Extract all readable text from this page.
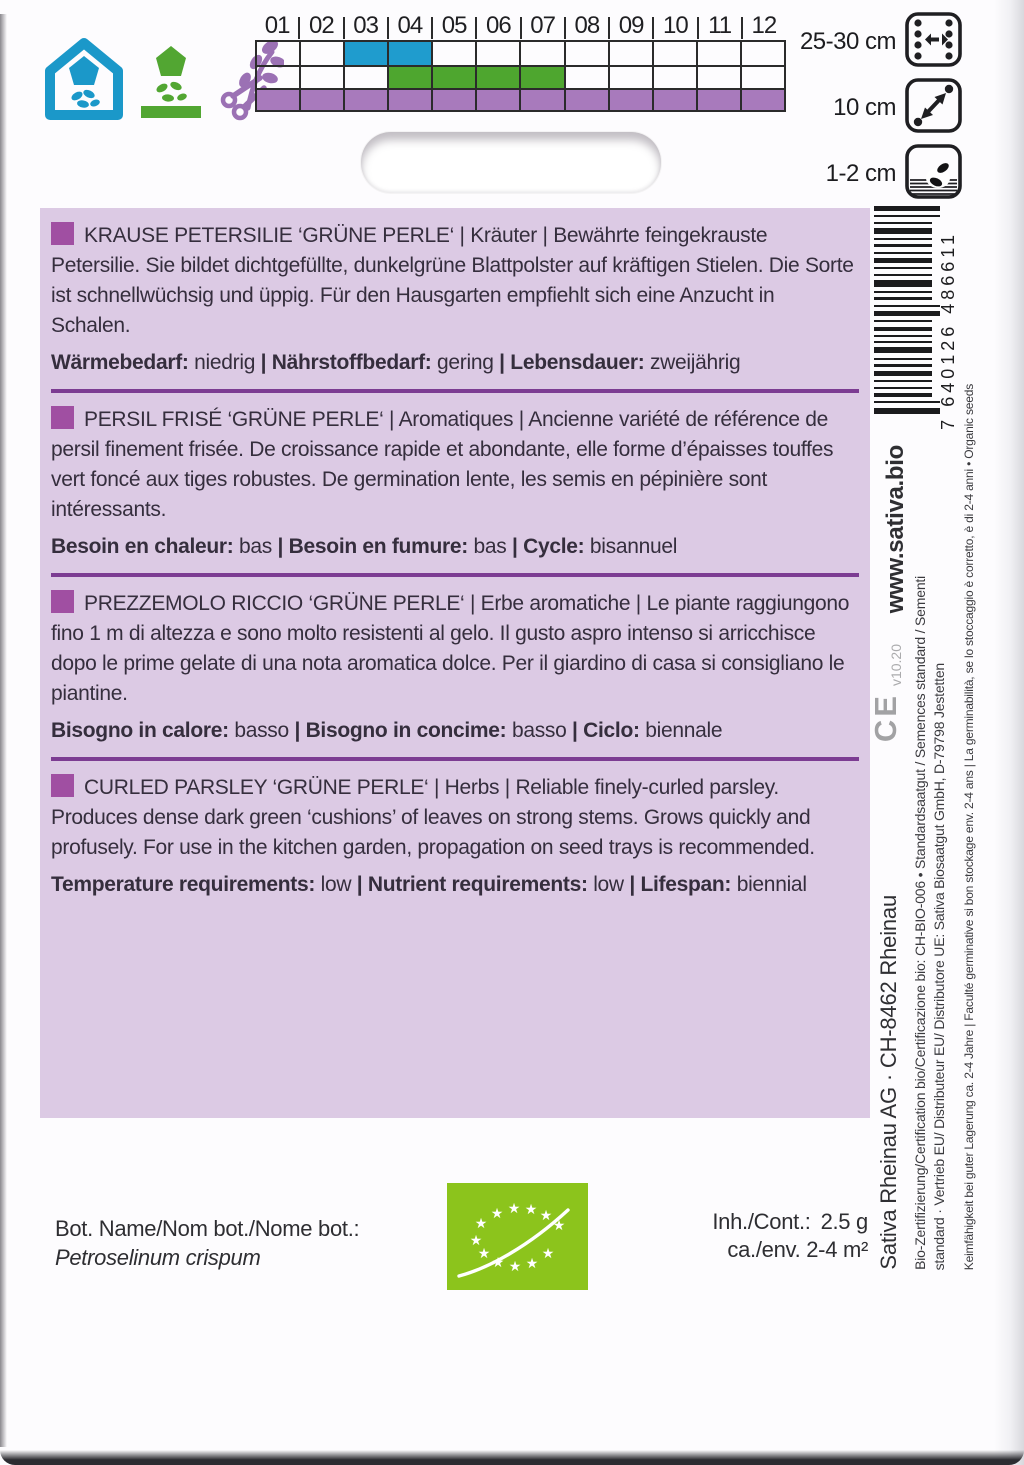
01 02 03 04 05 06 07 08 09 10 11 12
25-30 cm
10 cm
1-2 cm

KRAUSE PETERSILIE ‘GRÜNE PERLE‘ | Kräuter | Bewährte feingekrauste Petersilie. Sie bildet dichtgefüllte, dunkelgrüne Blattpolster auf kräftigen Stielen. Die Sorte ist schnellwüchsig und üppig. Für den Hausgarten empfiehlt sich eine Anzucht in Schalen.

Wärmebedarf: niedrig | Nährstoffbedarf: gering | Lebensdauer: zweijährig

PERSIL FRISÉ ‘GRÜNE PERLE‘ | Aromatiques | Ancienne variété de référence de persil finement frisée. De croissance rapide et abondante, elle forme d’épaisses touffes vert foncé aux tiges robustes. De germination lente, les semis en pépinière sont intéressants.

Besoin en chaleur: bas | Besoin en fumure: bas | Cycle: bisannuel

PREZZEMOLO RICCIO ‘GRÜNE PERLE‘ | Erbe aromatiche | Le piante raggiungono fino 1 m di altezza e sono molto resistenti al gelo. Il gusto aspro intenso si arricchisce dopo le prime gelate di una nota aromatica dolce. Per il giardino di casa si consigliano le piantine.

Bisogno in calore: basso | Bisogno in concime: basso | Ciclo: biennale

CURLED PARSLEY ‘GRÜNE PERLE‘ | Herbs | Reliable finely-curled parsley. Produces dense dark green ‘cushions’ of leaves on strong stems. Grows quickly and profusely. For use in the kitchen garden, propagation on seed trays is recommended.

Temperature requirements: low | Nutrient requirements: low | Lifespan: biennial

7 640126 486611
Keimfähigkeit bei guter Lagerung ca. 2-4 Jahre | Faculté germinative si bon stockage env. 2-4 ans | La germinabilità, se lo stoccaggio è corretto, è di 2-4 anni • Organic seeds
www.sativa.bio
Bio-Zertifizierung/Certification bio/Certificazione bio: CH-BIO-006 • Standardsaatgut / Semences standard / Sementi standard · Vertrieb EU/ Distributeur EU/ Distributore UE: Sativa Biosaatgut GmbH, D-79798 Jestetten
CE
v10.20
Sativa Rheinau AG · CH-8462 Rheinau
Bot. Name/Nom bot./Nome bot.:
Petroselinum crispum
★
★ ★ ★ ★
★
★
★
★ ★ ★
★
Inh./Cont.: 2.5 g
ca./env. 2-4 m²
